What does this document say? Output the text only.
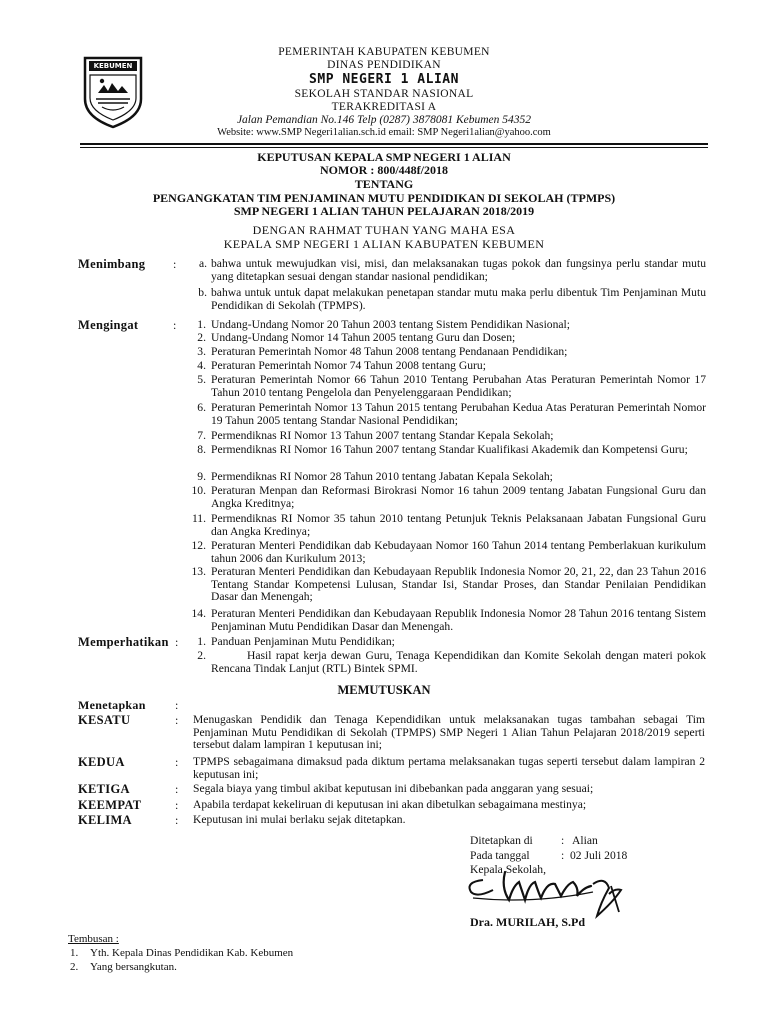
KEBUMEN
PEMERINTAH KABUPATEN KEBUMEN
DINAS PENDIDIKAN
SMP NEGERI 1 ALIAN
SEKOLAH STANDAR NASIONAL
TERAKREDITASI A
Jalan Pemandian No.146 Telp (0287) 3878081 Kebumen 54352
Website: www.SMP Negeri1alian.sch.id email: SMP Negeri1alian@yahoo.com
KEPUTUSAN KEPALA SMP NEGERI 1 ALIAN
NOMOR : 800/448f/2018
TENTANG
PENGANGKATAN TIM PENJAMINAN MUTU PENDIDIKAN DI SEKOLAH (TPMPS)
SMP NEGERI 1 ALIAN TAHUN PELAJARAN 2018/2019
DENGAN RAHMAT TUHAN YANG MAHA ESA
KEPALA SMP NEGERI 1 ALIAN KABUPATEN KEBUMEN
Menimbang :	a. bahwa untuk mewujudkan visi, misi, dan melaksanakan tugas pokok dan fungsinya perlu standar mutu yang ditetapkan sesuai dengan standar nasional pendidikan;
b. bahwa untuk untuk dapat melakukan penetapan standar mutu maka perlu dibentuk Tim Penjaminan Mutu Pendidikan di Sekolah (TPMPS).
Mengingat	:	1. Undang-Undang Nomor 20 Tahun 2003 tentang Sistem Pendidikan Nasional;
2. Undang-Undang Nomor 14 Tahun 2005 tentang Guru dan Dosen;
3. Peraturan Pemerintah Nomor 48 Tahun 2008 tentang Pendanaan Pendidikan;
4. Peraturan Pemerintah Nomor 74 Tahun 2008 tentang Guru;
5. Peraturan Pemerintah Nomor 66 Tahun 2010 Tentang Perubahan Atas Peraturan Pemerintah Nomor 17 Tahun 2010 tentang Pengelola dan Penyelenggaraan Pendidikan;
6. Peraturan Pemerintah Nomor 13 Tahun 2015 tentang Perubahan Kedua Atas Peraturan Pemerintah Nomor 19 Tahun 2005 tentang Standar Nasional Pendidikan;
7. Permendiknas RI Nomor 13 Tahun 2007 tentang Standar Kepala Sekolah;
8. Permendiknas RI Nomor 16 Tahun 2007 tentang Standar Kualifikasi Akademik dan Kompetensi Guru;
9. Permendiknas RI Nomor 28 Tahun 2010 tentang Jabatan Kepala Sekolah;
10. Peraturan Menpan dan Reformasi Birokrasi Nomor 16 tahun 2009 tentang Jabatan Fungsional Guru dan Angka Kreditnya;
11. Permendiknas RI Nomor 35 tahun 2010 tentang Petunjuk Teknis Pelaksanaan Jabatan Fungsional Guru dan Angka Kredinya;
12. Peraturan Menteri Pendidikan dab Kebudayaan Nomor 160 Tahun 2014 tentang Pemberlakuan kurikulum tahun 2006 dan Kurikulum 2013;
13. Peraturan Menteri Pendidikan dan Kebudayaan Republik Indonesia Nomor 20, 21, 22, dan 23 Tahun 2016 Tentang Standar Kompetensi Lulusan, Standar Isi, Standar Proses, dan Standar Penilaian Pendidikan Dasar dan Menengah;
14. Peraturan Menteri Pendidikan dan Kebudayaan Republik Indonesia Nomor 28 Tahun 2016 tentang Sistem Penjaminan Mutu Pendidikan Dasar dan Menengah.
Memperhatikan :	1. Panduan Penjaminan Mutu Pendidikan;
2.	Hasil rapat kerja dewan Guru, Tenaga Kependidikan dan Komite Sekolah dengan materi pokok Rencana Tindak Lanjut (RTL) Bintek SPMI.
MEMUTUSKAN
Menetapkan :
KESATU	: Menugaskan Pendidik dan Tenaga Kependidikan untuk melaksanakan tugas tambahan sebagai Tim Penjaminan Mutu Pendidikan di Sekolah (TPMPS) SMP Negeri 1 Alian Tahun Pelajaran 2018/2019 seperti tersebut dalam lampiran 1 keputusan ini;
KEDUA	: TPMPS sebagaimana dimaksud pada diktum pertama melaksanakan tugas seperti tersebut dalam lampiran 2 keputusan ini;
KETIGA	: Segala biaya yang timbul akibat keputusan ini dibebankan pada anggaran yang sesuai;
KEEMPAT	: Apabila terdapat kekeliruan di keputusan ini akan dibetulkan sebagaimana mestinya;
KELIMA	: Keputusan ini mulai berlaku sejak ditetapkan.
Ditetapkan di : Alian
Pada tanggal	: 02 Juli 2018
Kepala Sekolah,
Dra. MURILAH, S.Pd
Tembusan :
1. Yth. Kepala Dinas Pendidikan Kab. Kebumen
2. Yang bersangkutan.
